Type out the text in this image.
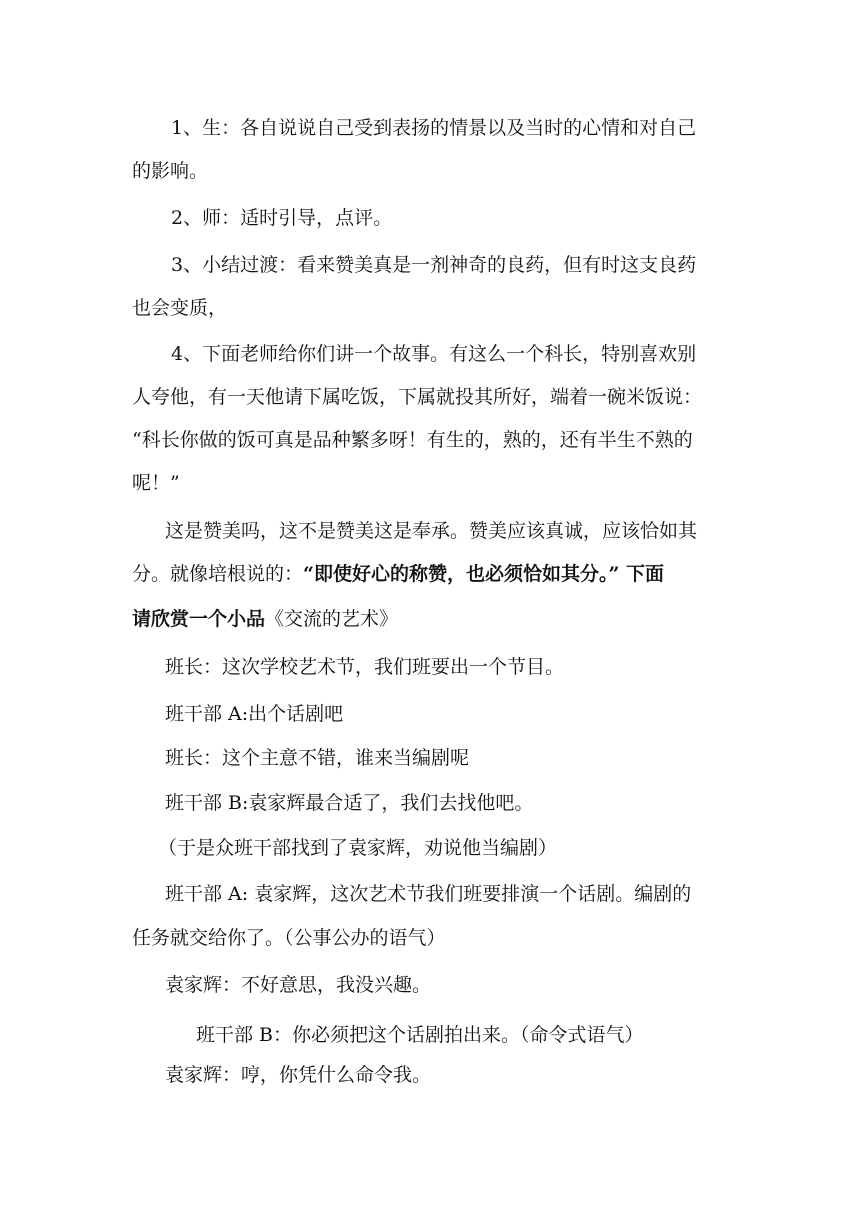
1、生：各自说说自己受到表扬的情景以及当时的心情和对自己
的影响。
2、师：适时引导，点评。
3、小结过渡：看来赞美真是一剂神奇的良药，但有时这支良药
也会变质，
4、下面老师给你们讲一个故事。有这么一个科长，特别喜欢别
人夸他，有一天他请下属吃饭，下属就投其所好，端着一碗米饭说：
“科长你做的饭可真是品种繁多呀！有生的，熟的，还有半生不熟的
呢！”
这是赞美吗，这不是赞美这是奉承。赞美应该真诚，应该恰如其
分。就像培根说的：“即使好心的称赞，也必须恰如其分。” 下面
请欣赏一个小品《交流的艺术》
班长：这次学校艺术节，我们班要出一个节目。
班干部 A:出个话剧吧
班长：这个主意不错，谁来当编剧呢
班干部 B:袁家辉最合适了，我们去找他吧。
（于是众班干部找到了袁家辉，劝说他当编剧）
班干部 A: 袁家辉，这次艺术节我们班要排演一个话剧。编剧的
任务就交给你了。（公事公办的语气）
袁家辉：不好意思，我没兴趣。
班干部 B：你必须把这个话剧拍出来。（命令式语气）
袁家辉：哼，你凭什么命令我。
